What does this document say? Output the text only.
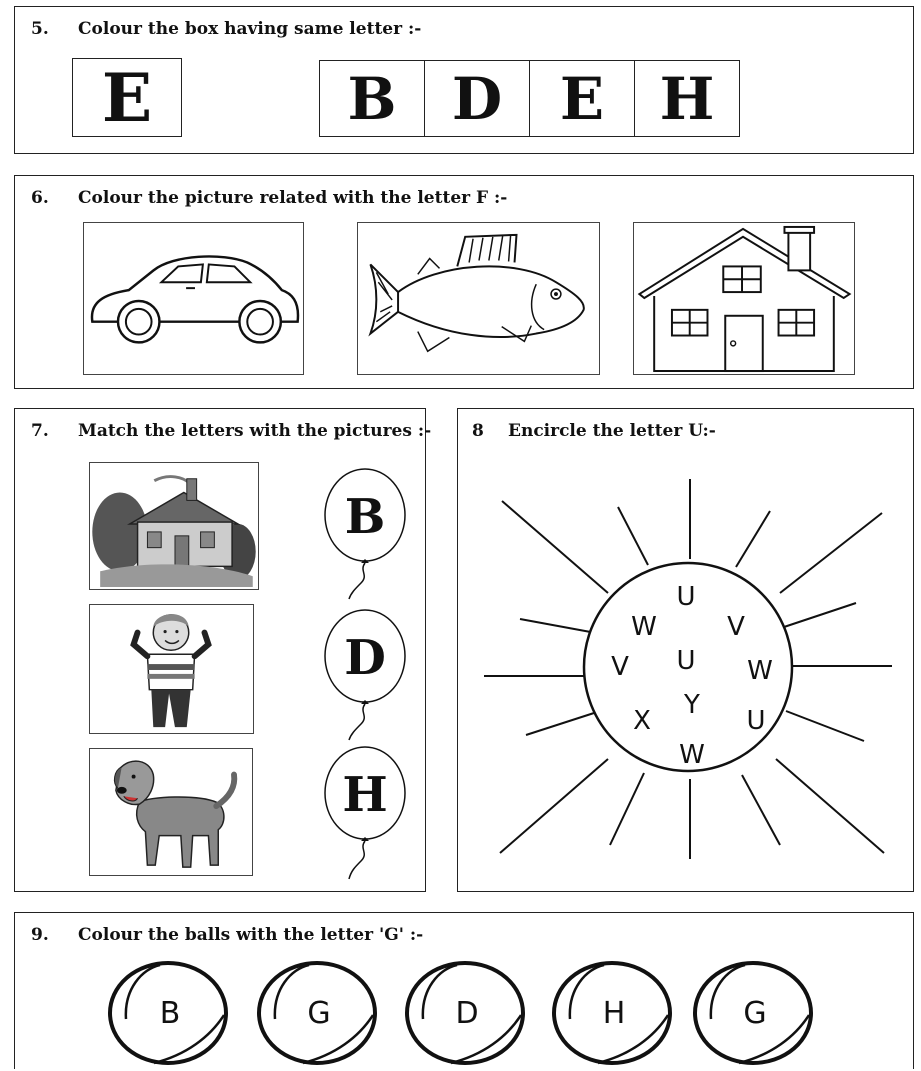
5. Colour the box having same letter :-
E	B D E H
6. Colour the picture related with the letter F :-
7. Match the letters with the pictures :-
B
D
H
8 Encircle the letter U:-
U
W	V
V U W
Y
X	U
W
9. Colour the balls with the letter 'G' :-
B	G	D	H	G
